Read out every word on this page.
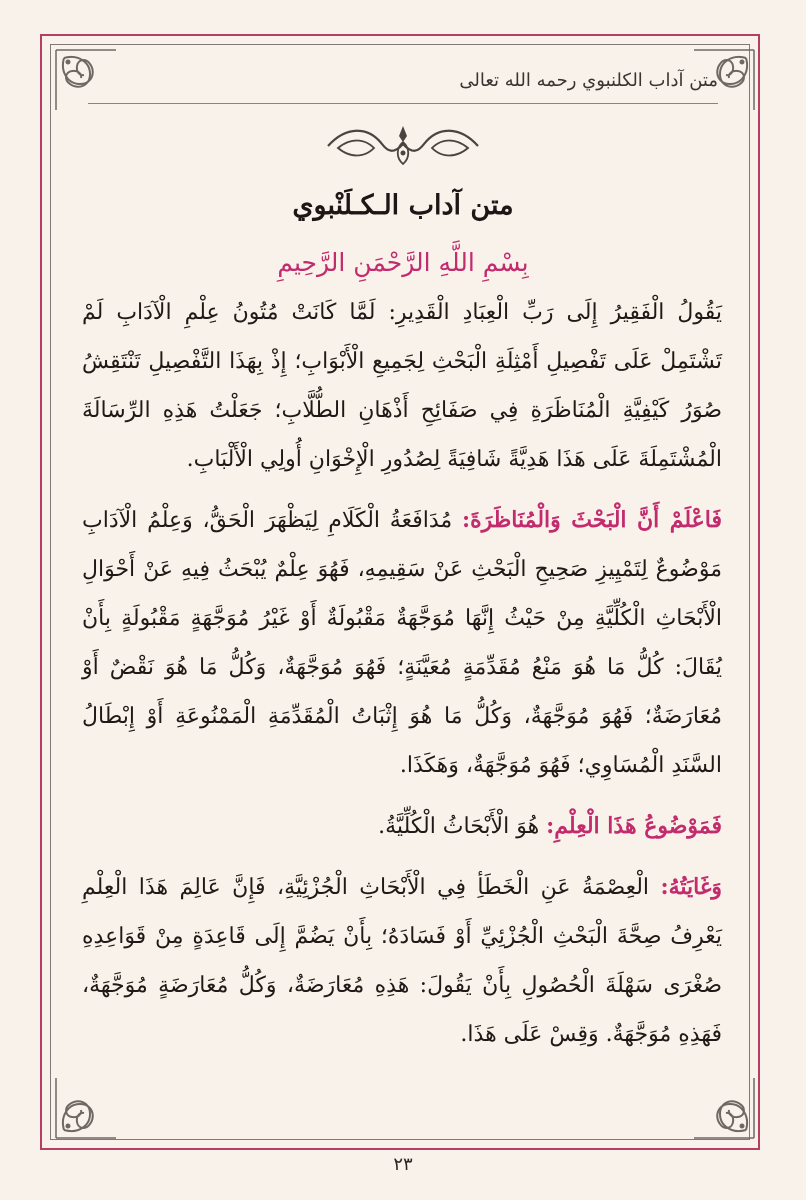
متن آداب الكلنبوي رحمه الله تعالى
متن آداب الـكـلَنْبوي
بِسْمِ اللَّهِ الرَّحْمَنِ الرَّحِيمِ

يَقُولُ الْفَقِيرُ إِلَى رَبِّ الْعِبَادِ الْقَدِيرِ: لَمَّا كَانَتْ مُتُونُ عِلْمِ الْآدَابِ لَمْ تَشْتَمِلْ عَلَى تَفْصِيلِ أَمْثِلَةِ الْبَحْثِ لِجَمِيعِ الْأَبْوَابِ؛ إِذْ بِهَذَا التَّفْصِيلِ تَنْتَقِشُ صُوَرُ كَيْفِيَّةِ الْمُنَاظَرَةِ فِي صَفَائِحِ أَذْهَانِ الطُّلَّابِ؛ جَعَلْتُ هَذِهِ الرِّسَالَةَ الْمُشْتَمِلَةَ عَلَى هَذَا هَدِيَّةً شَافِيَةً لِصُدُورِ الْإِخْوَانِ أُولِي الْأَلْبَابِ.

فَاعْلَمْ أَنَّ الْبَحْثَ وَالْمُنَاظَرَةَ: مُدَافَعَةُ الْكَلَامِ لِيَظْهَرَ الْحَقُّ، وَعِلْمُ الْآدَابِ مَوْضُوعٌ لِتَمْيِيزِ صَحِيحِ الْبَحْثِ عَنْ سَقِيمِهِ، فَهُوَ عِلْمٌ يُبْحَثُ فِيهِ عَنْ أَحْوَالِ الْأَبْحَاثِ الْكُلِّيَّةِ مِنْ حَيْثُ إِنَّهَا مُوَجَّهَةٌ مَقْبُولَةٌ أَوْ غَيْرُ مُوَجَّهَةٍ مَقْبُولَةٍ بِأَنْ يُقَالَ: كُلُّ مَا هُوَ مَنْعُ مُقَدِّمَةٍ مُعَيَّنَةٍ؛ فَهُوَ مُوَجَّهَةٌ، وَكُلُّ مَا هُوَ نَقْضٌ أَوْ مُعَارَضَةٌ؛ فَهُوَ مُوَجَّهَةٌ، وَكُلُّ مَا هُوَ إِثْبَاتُ الْمُقَدِّمَةِ الْمَمْنُوعَةِ أَوْ إِبْطَالُ السَّنَدِ الْمُسَاوِي؛ فَهُوَ مُوَجَّهَةٌ، وَهَكَذَا.

فَمَوْضُوعُ هَذَا الْعِلْمِ: هُوَ الْأَبْحَاثُ الْكُلِّيَّةُ.

وَغَايَتُهُ: الْعِصْمَةُ عَنِ الْخَطَأِ فِي الْأَبْحَاثِ الْجُزْئِيَّةِ، فَإِنَّ عَالِمَ هَذَا الْعِلْمِ يَعْرِفُ صِحَّةَ الْبَحْثِ الْجُزْئِيِّ أَوْ فَسَادَهُ؛ بِأَنْ يَضُمَّ إِلَى قَاعِدَةٍ مِنْ قَوَاعِدِهِ صُغْرَى سَهْلَةَ الْحُصُولِ بِأَنْ يَقُولَ: هَذِهِ مُعَارَضَةٌ، وَكُلُّ مُعَارَضَةٍ مُوَجَّهَةٌ، فَهَذِهِ مُوَجَّهَةٌ. وَقِسْ عَلَى هَذَا.

٢٣
